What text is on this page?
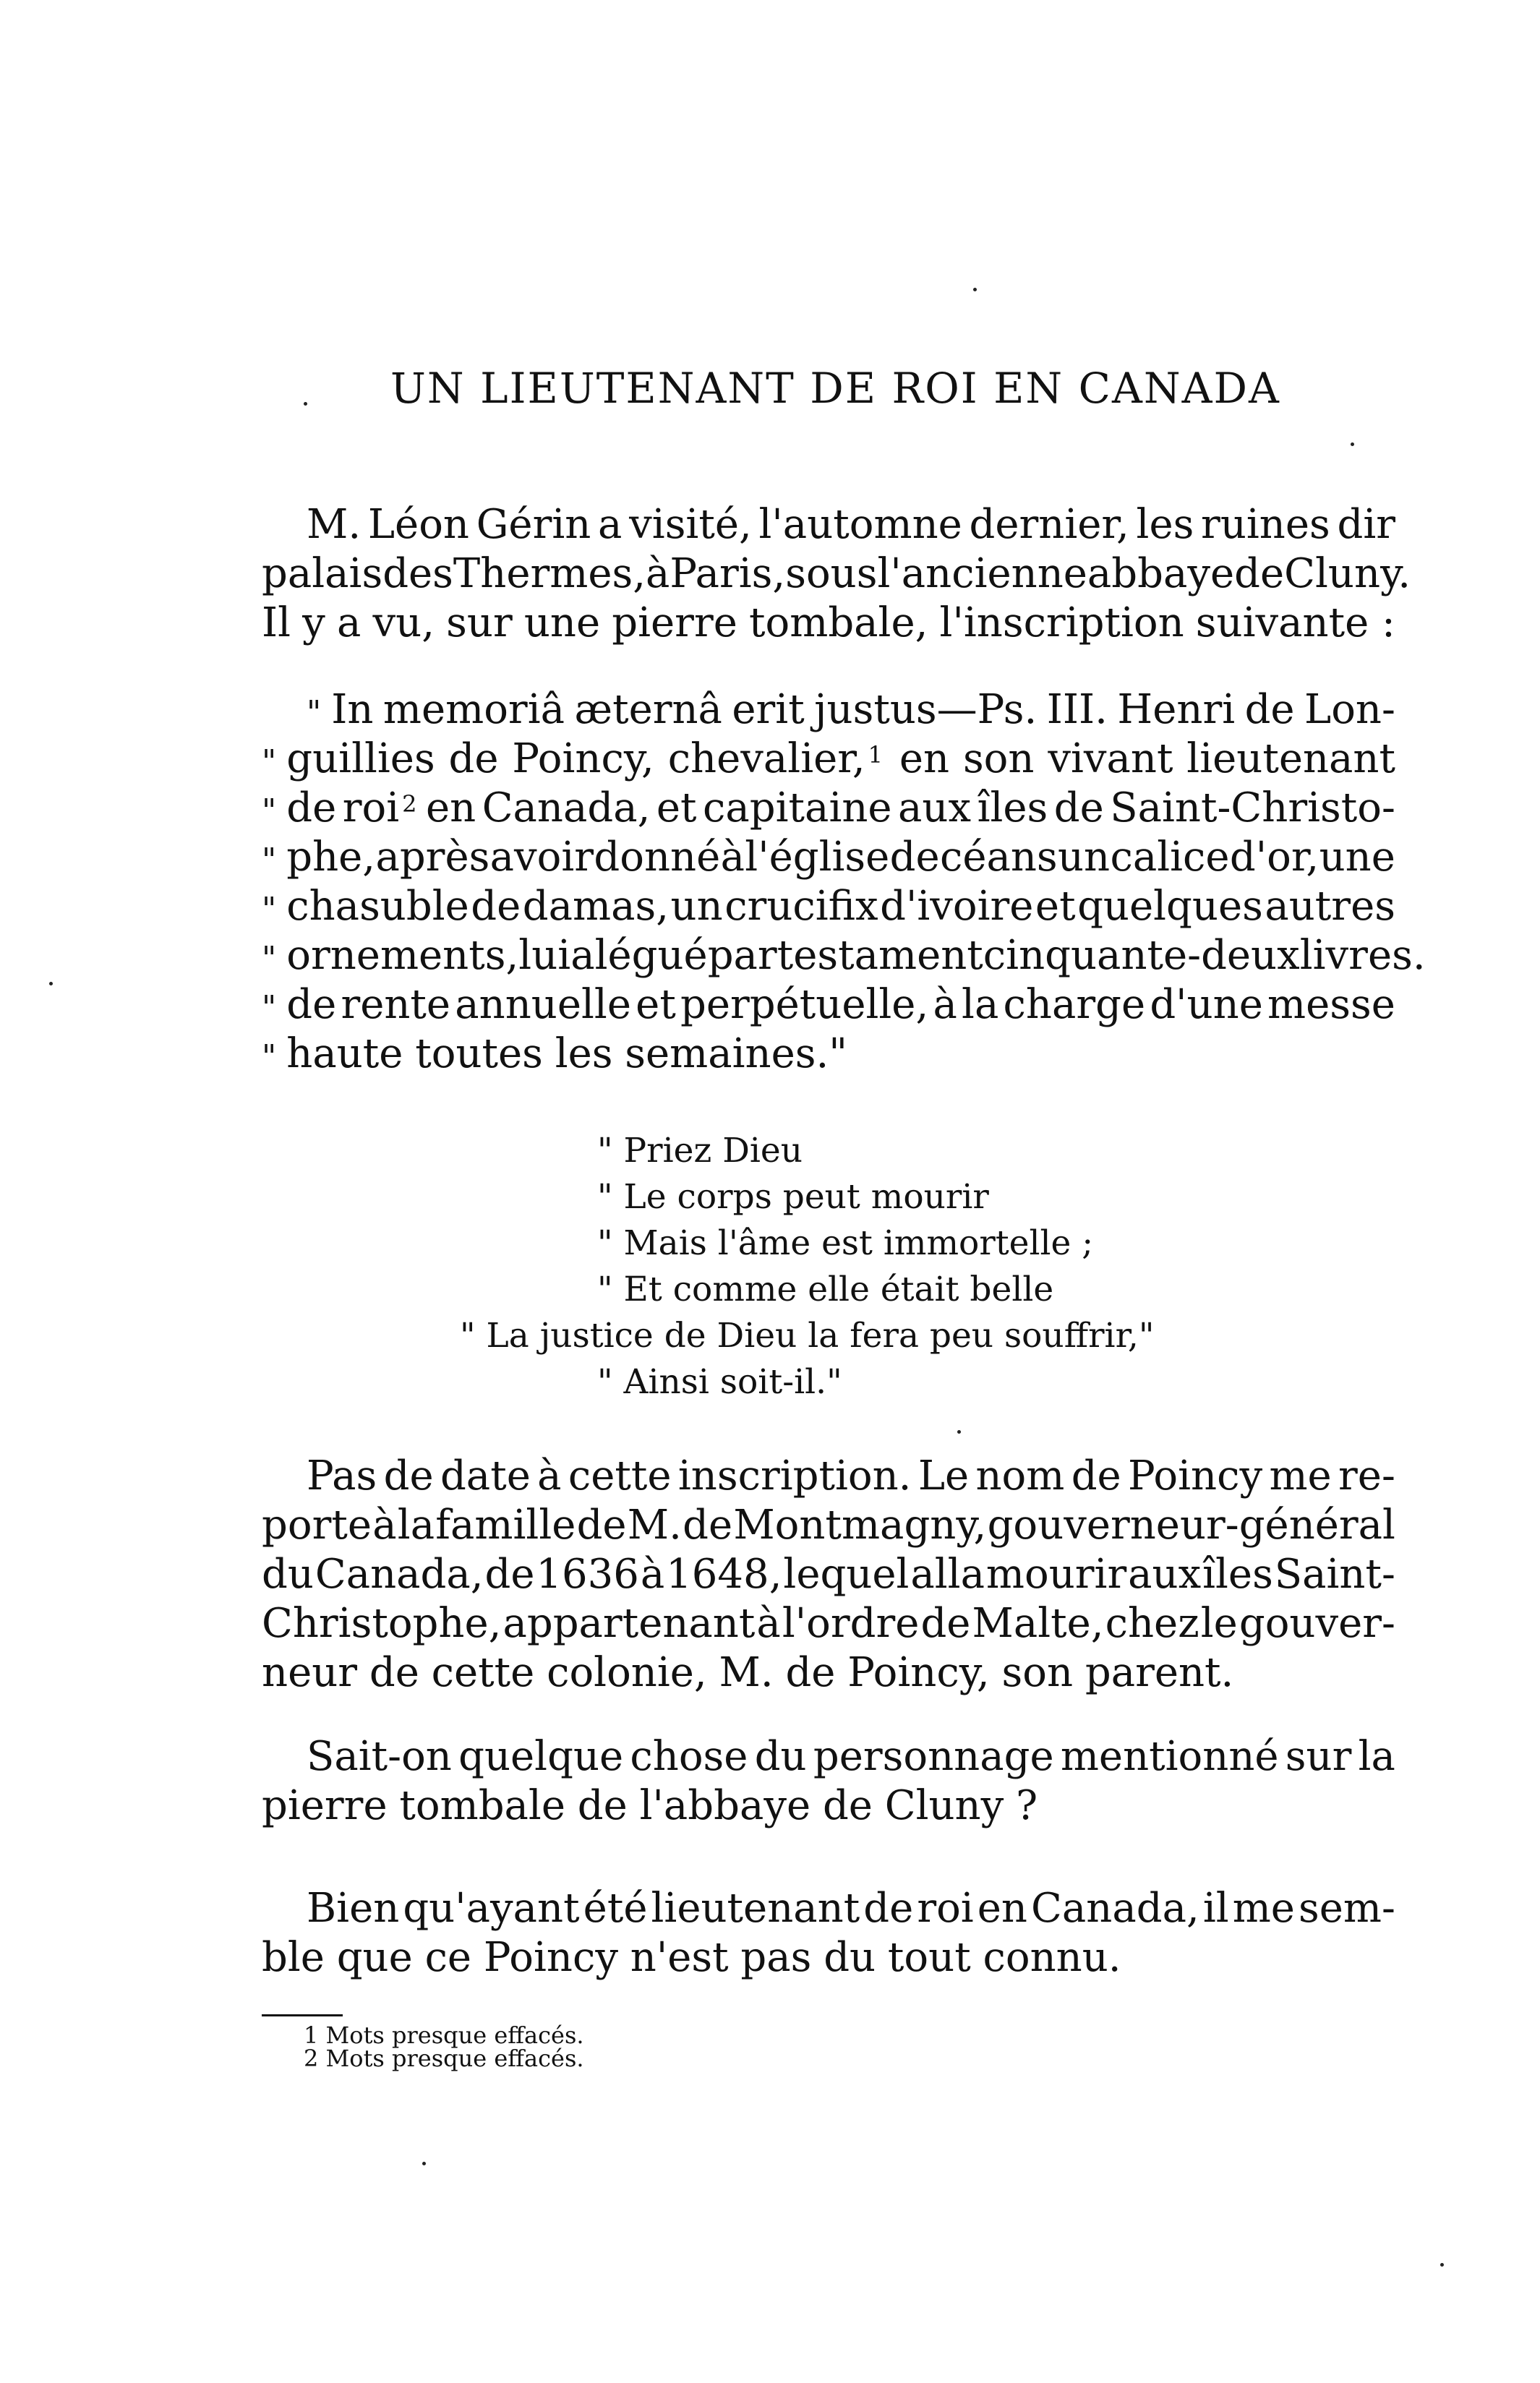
UN LIEUTENANT DE ROI EN CANADA
M. Léon Gérin a visité, l'automne dernier, les ruines dir
palais des Thermes, à Paris, sous l'ancienne abbaye de Cluny.
Il y a vu, sur une pierre tombale, l'inscription suivante :
" In memoriâ æternâ erit justus—Ps. III. Henri de Lon-
" guillies de Poincy, chevalier, $^1$ en son vivant lieutenant
" de roi $^2$ en Canada, et capitaine aux îles de Saint-Christo-
" phe, après avoir donné à l'église de céans un calice d'or, une
" chasuble de damas, un crucifix d'ivoire et quelques autres
" ornements, lui a légué par testament cinquante-deux livres.
" de rente annuelle et perpétuelle, à la charge d'une messe
" haute toutes les semaines."
" Priez Dieu
" Le corps peut mourir
" Mais l'âme est immortelle ;
" Et comme elle était belle
" La justice de Dieu la fera peu souffrir,"
" Ainsi soit-il."
Pas de date à cette inscription. Le nom de Poincy me re-
porte à la famille de M. de Montmagny, gouverneur-général
du Canada, de 1636 à 1648, lequel alla mourir aux îles Saint-
Christophe, appartenant à l'ordre de Malte, chez le gouver-
neur de cette colonie, M. de Poincy, son parent.
Sait-on quelque chose du personnage mentionné sur la
pierre tombale de l'abbaye de Cluny ?
Bien qu'ayant été lieutenant de roi en Canada, il me sem-
ble que ce Poincy n'est pas du tout connu.
1 Mots presque effacés.
2 Mots presque effacés.
